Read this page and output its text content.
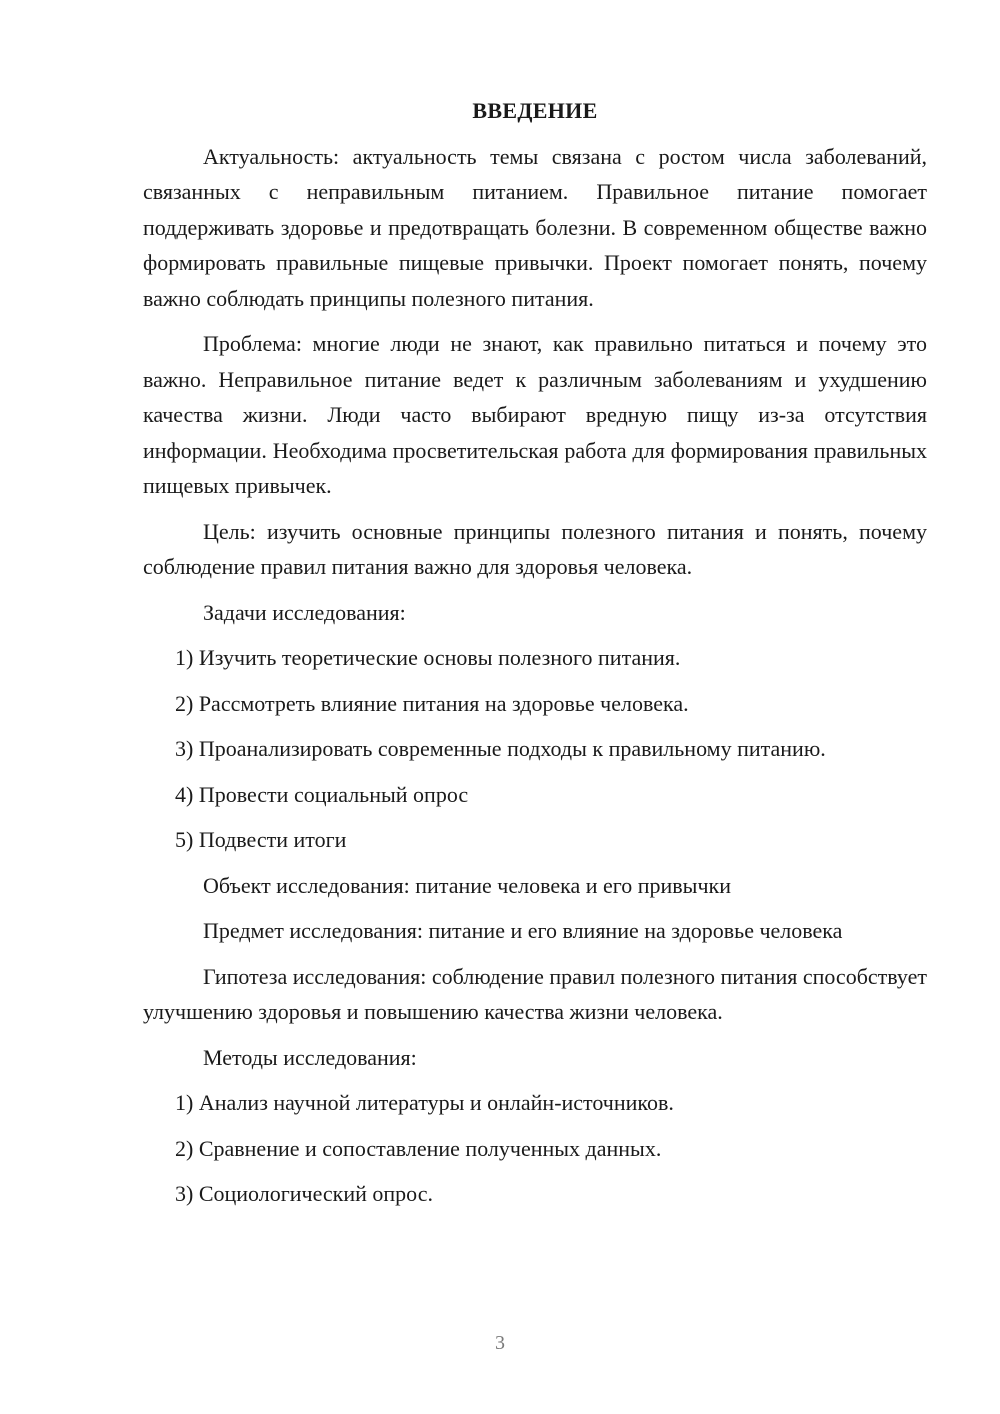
ВВЕДЕНИЕ

Актуальность: актуальность темы связана с ростом числа заболеваний, связанных с неправильным питанием. Правильное питание помогает поддерживать здоровье и предотвращать болезни. В современном обществе важно формировать правильные пищевые привычки. Проект помогает понять, почему важно соблюдать принципы полезного питания.

Проблема: многие люди не знают, как правильно питаться и почему это важно. Неправильное питание ведет к различным заболеваниям и ухудшению качества жизни. Люди часто выбирают вредную пищу из-за отсутствия информации. Необходима просветительская работа для формирования правильных пищевых привычек.

Цель: изучить основные принципы полезного питания и понять, почему соблюдение правил питания важно для здоровья человека.

Задачи исследования:

1) Изучить теоретические основы полезного питания.

2) Рассмотреть влияние питания на здоровье человека.

3) Проанализировать современные подходы к правильному питанию.

4) Провести социальный опрос

5) Подвести итоги

Объект исследования: питание человека и его привычки

Предмет исследования: питание и его влияние на здоровье человека

Гипотеза исследования: соблюдение правил полезного питания способствует улучшению здоровья и повышению качества жизни человека.

Методы исследования:

1) Анализ научной литературы и онлайн-источников.

2) Сравнение и сопоставление полученных данных.

3) Социологический опрос.

3
